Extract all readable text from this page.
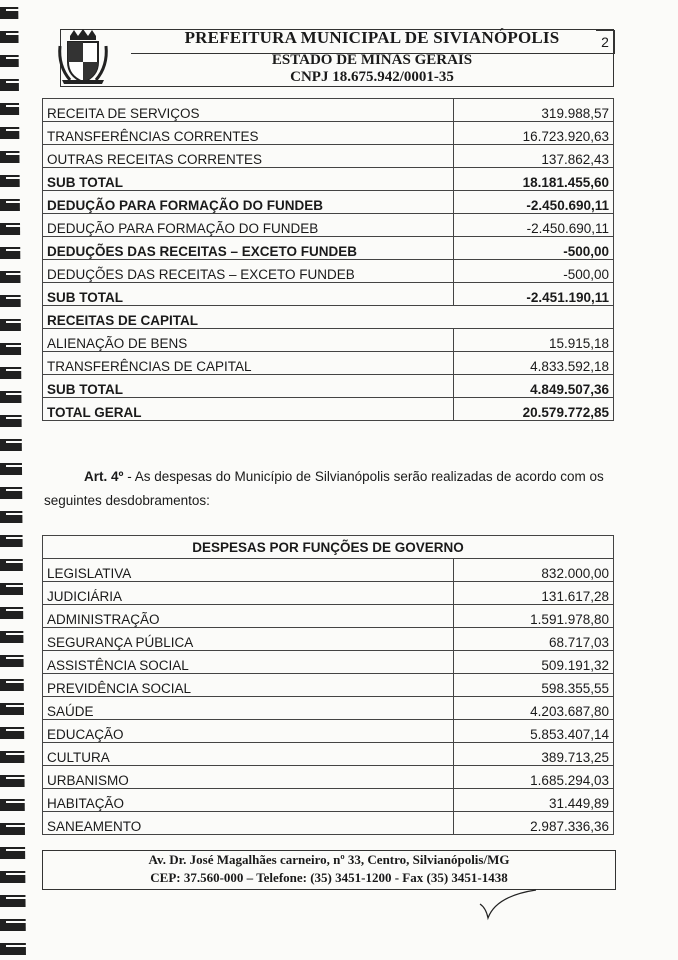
PREFEITURA MUNICIPAL DE SIVIANÓPOLIS
ESTADO DE MINAS GERAIS
CNPJ 18.675.942/0001-35
2
RECEITA DE SERVIÇOS	319.988,57
TRANSFERÊNCIAS CORRENTES	16.723.920,63
OUTRAS RECEITAS CORRENTES	137.862,43
SUB TOTAL	18.181.455,60
DEDUÇÃO PARA FORMAÇÃO DO FUNDEB	-2.450.690,11
DEDUÇÃO PARA FORMAÇÃO DO FUNDEB	-2.450.690,11
DEDUÇÕES DAS RECEITAS – EXCETO FUNDEB	-500,00
DEDUÇÕES DAS RECEITAS – EXCETO FUNDEB	-500,00
SUB TOTAL	-2.451.190,11
RECEITAS DE CAPITAL	
ALIENAÇÃO DE BENS	15.915,18
TRANSFERÊNCIAS DE CAPITAL	4.833.592,18
SUB TOTAL	4.849.507,36
TOTAL GERAL	20.579.772,85
Art. 4º - As despesas do Município de Silvianópolis serão realizadas de acordo com os seguintes desdobramentos:
DESPESAS POR FUNÇÕES DE GOVERNO	
LEGISLATIVA	832.000,00
JUDICIÁRIA	131.617,28
ADMINISTRAÇÃO	1.591.978,80
SEGURANÇA PÚBLICA	68.717,03
ASSISTÊNCIA SOCIAL	509.191,32
PREVIDÊNCIA SOCIAL	598.355,55
SAÚDE	4.203.687,80
EDUCAÇÃO	5.853.407,14
CULTURA	389.713,25
URBANISMO	1.685.294,03
HABITAÇÃO	31.449,89
SANEAMENTO	2.987.336,36
Av. Dr. José Magalhães carneiro, nº 33, Centro, Silvianópolis/MG
CEP: 37.560-000 – Telefone: (35) 3451-1200 - Fax (35) 3451-1438
